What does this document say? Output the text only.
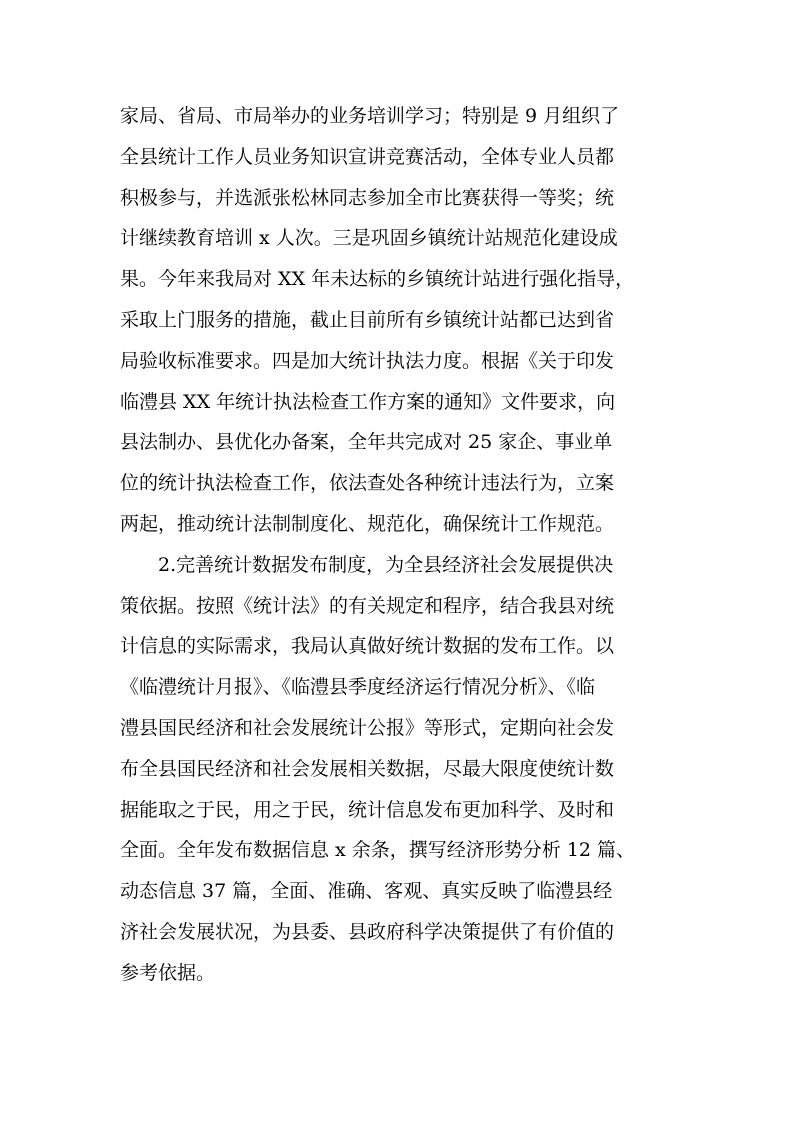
家局、省局、市局举办的业务培训学习；特别是 9 月组织了
全县统计工作人员业务知识宣讲竞赛活动，全体专业人员都
积极参与，并选派张松林同志参加全市比赛获得一等奖；统
计继续教育培训 x 人次。三是巩固乡镇统计站规范化建设成
果。今年来我局对 XX 年未达标的乡镇统计站进行强化指导，
采取上门服务的措施，截止目前所有乡镇统计站都已达到省
局验收标准要求。四是加大统计执法力度。根据《关于印发
临澧县 XX 年统计执法检查工作方案的通知》文件要求，向
县法制办、县优化办备案，全年共完成对 25 家企、事业单
位的统计执法检查工作，依法查处各种统计违法行为，立案
两起，推动统计法制制度化、规范化，确保统计工作规范。
2.完善统计数据发布制度，为全县经济社会发展提供决
策依据。按照《统计法》的有关规定和程序，结合我县对统
计信息的实际需求，我局认真做好统计数据的发布工作。以
《临澧统计月报》、《临澧县季度经济运行情况分析》、《临
澧县国民经济和社会发展统计公报》等形式，定期向社会发
布全县国民经济和社会发展相关数据，尽最大限度使统计数
据能取之于民，用之于民，统计信息发布更加科学、及时和
全面。全年发布数据信息 x 余条，撰写经济形势分析 12 篇、
动态信息 37 篇，全面、准确、客观、真实反映了临澧县经
济社会发展状况，为县委、县政府科学决策提供了有价值的
参考依据。
